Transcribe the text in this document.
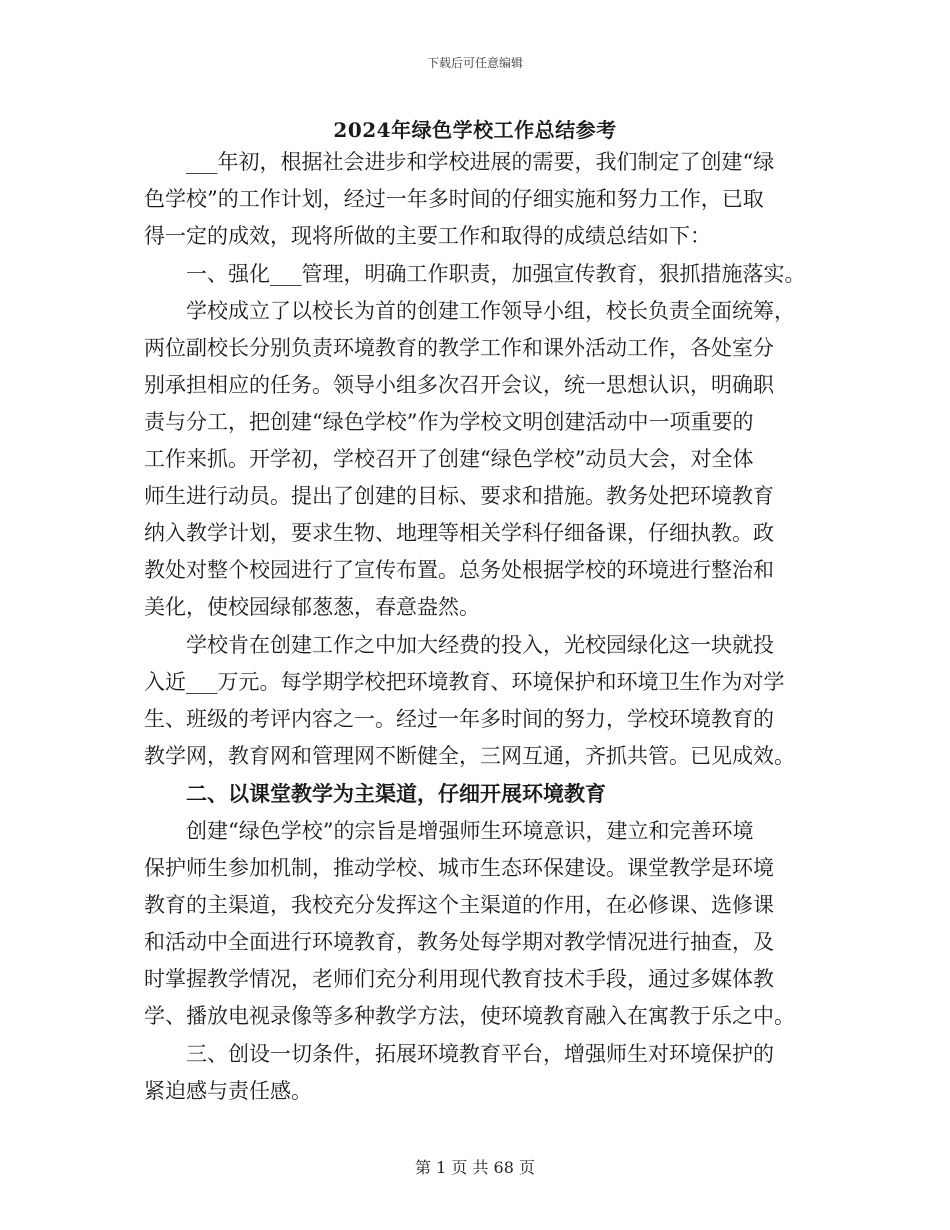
下载后可任意编辑
2024年绿色学校工作总结参考
___年初，根据社会进步和学校进展的需要，我们制定了创建“绿
色学校”的工作计划，经过一年多时间的仔细实施和努力工作，已取
得一定的成效，现将所做的主要工作和取得的成绩总结如下：
一、强化___管理，明确工作职责，加强宣传教育，狠抓措施落实。
学校成立了以校长为首的创建工作领导小组，校长负责全面统筹，
两位副校长分别负责环境教育的教学工作和课外活动工作，各处室分
别承担相应的任务。领导小组多次召开会议，统一思想认识，明确职
责与分工，把创建“绿色学校”作为学校文明创建活动中一项重要的
工作来抓。开学初，学校召开了创建“绿色学校”动员大会，对全体
师生进行动员。提出了创建的目标、要求和措施。教务处把环境教育
纳入教学计划，要求生物、地理等相关学科仔细备课，仔细执教。政
教处对整个校园进行了宣传布置。总务处根据学校的环境进行整治和
美化，使校园绿郁葱葱，春意盎然。
学校肯在创建工作之中加大经费的投入，光校园绿化这一块就投
入近___万元。每学期学校把环境教育、环境保护和环境卫生作为对学
生、班级的考评内容之一。经过一年多时间的努力，学校环境教育的
教学网，教育网和管理网不断健全，三网互通，齐抓共管。已见成效。
二、以课堂教学为主渠道，仔细开展环境教育
创建“绿色学校”的宗旨是增强师生环境意识，建立和完善环境
保护师生参加机制，推动学校、城市生态环保建设。课堂教学是环境
教育的主渠道，我校充分发挥这个主渠道的作用，在必修课、选修课
和活动中全面进行环境教育，教务处每学期对教学情况进行抽查，及
时掌握教学情况，老师们充分利用现代教育技术手段，通过多媒体教
学、播放电视录像等多种教学方法，使环境教育融入在寓教于乐之中。
三、创设一切条件，拓展环境教育平台，增强师生对环境保护的
紧迫感与责任感。
第 1 页 共 68 页
